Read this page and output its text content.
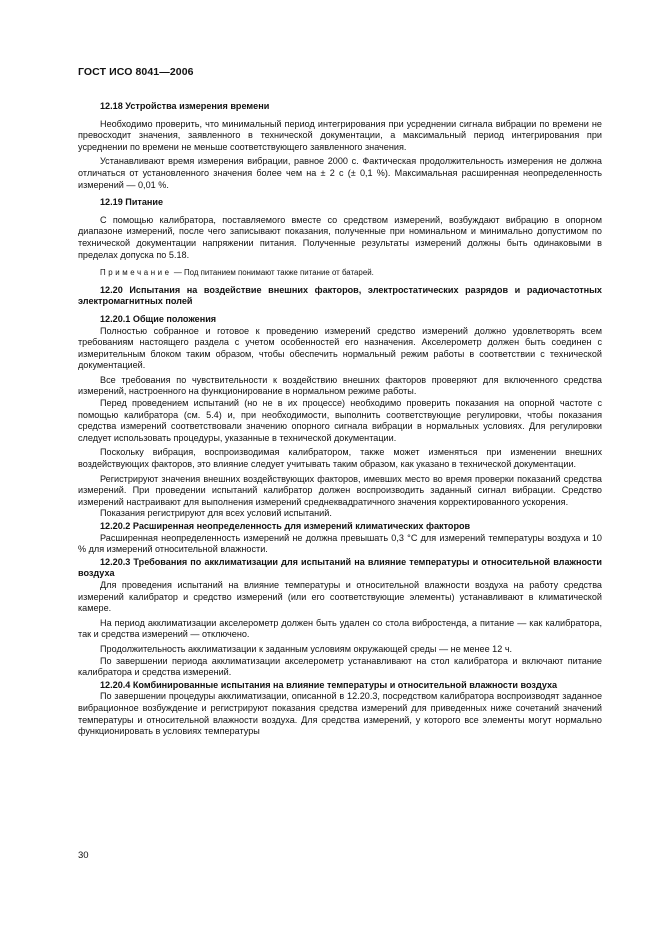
ГОСТ ИСО 8041—2006

12.18 Устройства измерения времени

Необходимо проверить, что минимальный период интегрирования при усреднении сигнала вибрации по времени не превосходит значения, заявленного в технической документации, а максимальный период интегрирования при усреднении по времени не меньше соответствующего заявленного значения.

Устанавливают время измерения вибрации, равное 2000 с. Фактическая продолжительность измерения не должна отличаться от установленного значения более чем на ± 2 с (± 0,1 %). Максимальная расширенная неопределенность измерений — 0,01 %.

12.19 Питание

С помощью калибратора, поставляемого вместе со средством измерений, возбуждают вибрацию в опорном диапазоне измерений, после чего записывают показания, полученные при номинальном и минимально допустимом по технической документации напряжении питания. Полученные результаты измерений должны быть одинаковыми в пределах допуска по 5.18.

Примечание — Под питанием понимают также питание от батарей.

12.20 Испытания на воздействие внешних факторов, электростатических разрядов и радиочастотных электромагнитных полей

12.20.1 Общие положения

Полностью собранное и готовое к проведению измерений средство измерений должно удовлетворять всем требованиям настоящего раздела с учетом особенностей его назначения. Акселерометр должен быть соединен с измерительным блоком таким образом, чтобы обеспечить нормальный режим работы в соответствии с технической документацией.

Все требования по чувствительности к воздействию внешних факторов проверяют для включенного средства измерений, настроенного на функционирование в нормальном режиме работы.

Перед проведением испытаний (но не в их процессе) необходимо проверить показания на опорной частоте с помощью калибратора (см. 5.4) и, при необходимости, выполнить соответствующие регулировки, чтобы показания средства измерений соответствовали значению опорного сигнала вибрации в нормальных условиях. Для регулировки следует использовать процедуры, указанные в технической документации.

Поскольку вибрация, воспроизводимая калибратором, также может изменяться при изменении внешних воздействующих факторов, это влияние следует учитывать таким образом, как указано в технической документации.

Регистрируют значения внешних воздействующих факторов, имевших место во время проверки показаний средства измерений. При проведении испытаний калибратор должен воспроизводить заданный сигнал вибрации. Средство измерений настраивают для выполнения измерений среднеквадратичного значения корректированного ускорения.

Показания регистрируют для всех условий испытаний.

12.20.2 Расширенная неопределенность для измерений климатических факторов

Расширенная неопределенность измерений не должна превышать 0,3 °С для измерений температуры воздуха и 10 % для измерений относительной влажности.

12.20.3 Требования по акклиматизации для испытаний на влияние температуры и относительной влажности воздуха

Для проведения испытаний на влияние температуры и относительной влажности воздуха на работу средства измерений калибратор и средство измерений (или его соответствующие элементы) устанавливают в климатической камере.

На период акклиматизации акселерометр должен быть удален со стола вибростенда, а питание — как калибратора, так и средства измерений — отключено.

Продолжительность акклиматизации к заданным условиям окружающей среды — не менее 12 ч.

По завершении периода акклиматизации акселерометр устанавливают на стол калибратора и включают питание калибратора и средства измерений.

12.20.4 Комбинированные испытания на влияние температуры и относительной влажности воздуха

По завершении процедуры акклиматизации, описанной в 12.20.3, посредством калибратора воспроизводят заданное вибрационное возбуждение и регистрируют показания средства измерений для приведенных ниже сочетаний значений температуры и относительной влажности воздуха. Для средства измерений, у которого все элементы могут нормально функционировать в условиях температуры

30
